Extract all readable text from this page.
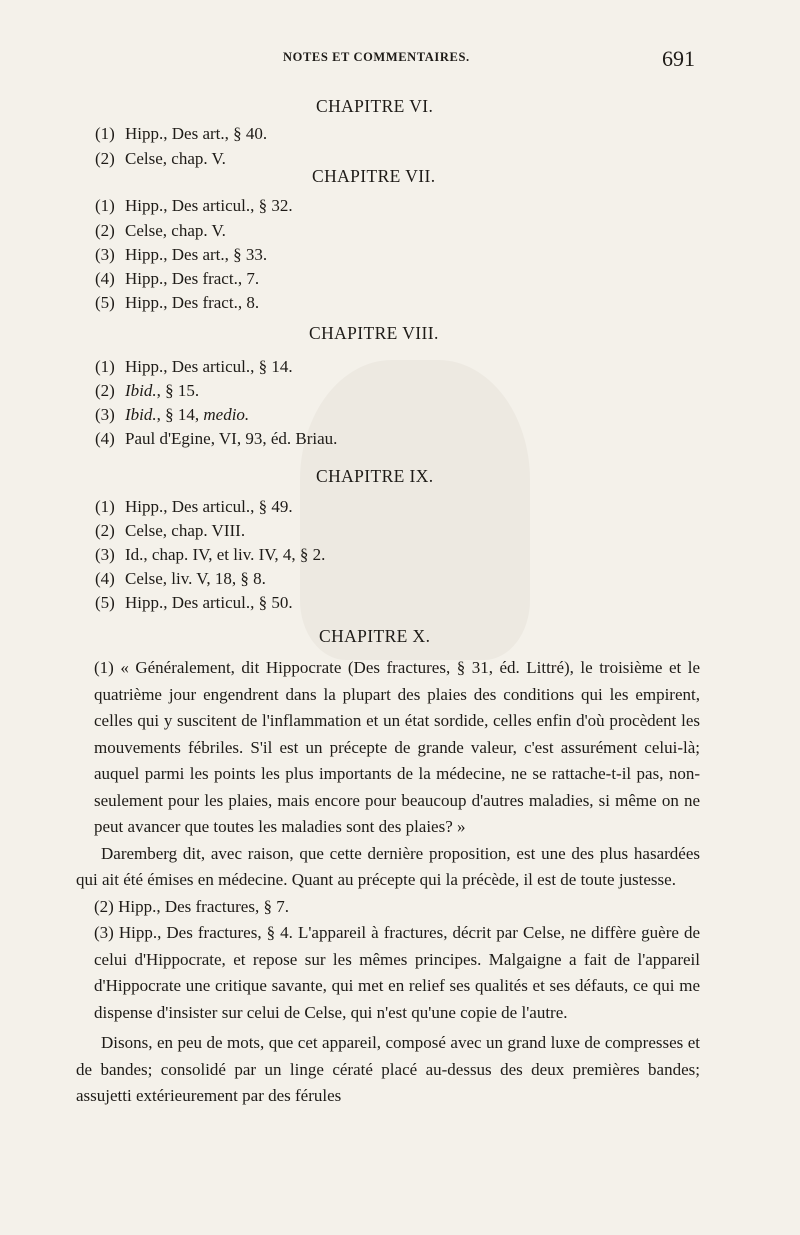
NOTES ET COMMENTAIRES.	691
CHAPITRE VI.
(1) Hipp., Des art., § 40.
(2) Celse, chap. V.
CHAPITRE VII.
(1) Hipp., Des articul., § 32.
(2) Celse, chap. V.
(3) Hipp., Des art., § 33.
(4) Hipp., Des fract., 7.
(5) Hipp., Des fract., 8.
CHAPITRE VIII.
(1) Hipp., Des articul., § 14.
(2) Ibid., § 15.
(3) Ibid., § 14, medio.
(4) Paul d'Egine, VI, 93, éd. Briau.
CHAPITRE IX.
(1) Hipp., Des articul., § 49.
(2) Celse, chap. VIII.
(3) Id., chap. IV, et liv. IV, 4, § 2.
(4) Celse, liv. V, 18, § 8.
(5) Hipp., Des articul., § 50.
CHAPITRE X.

(1) « Généralement, dit Hippocrate (Des fractures, § 31, éd. Littré), le troisième et le quatrième jour engendrent dans la plupart des plaies des conditions qui les empirent, celles qui y suscitent de l'inflammation et un état sordide, celles enfin d'où procèdent les mouvements fébriles. S'il est un précepte de grande valeur, c'est assurément celui-là; auquel parmi les points les plus importants de la médecine, ne se rattache-t-il pas, non-seulement pour les plaies, mais encore pour beaucoup d'autres maladies, si même on ne peut avancer que toutes les maladies sont des plaies? »

Daremberg dit, avec raison, que cette dernière proposition, est une des plus hasardées qui ait été émises en médecine. Quant au précepte qui la précède, il est de toute justesse.

(2) Hipp., Des fractures, § 7.

(3) Hipp., Des fractures, § 4. L'appareil à fractures, décrit par Celse, ne diffère guère de celui d'Hippocrate, et repose sur les mêmes principes. Malgaigne a fait de l'appareil d'Hippocrate une critique savante, qui met en relief ses qualités et ses défauts, ce qui me dispense d'insister sur celui de Celse, qui n'est qu'une copie de l'autre.

Disons, en peu de mots, que cet appareil, composé avec un grand luxe de compresses et de bandes; consolidé par un linge cératé placé au-dessus des deux premières bandes; assujetti extérieurement par des férules
